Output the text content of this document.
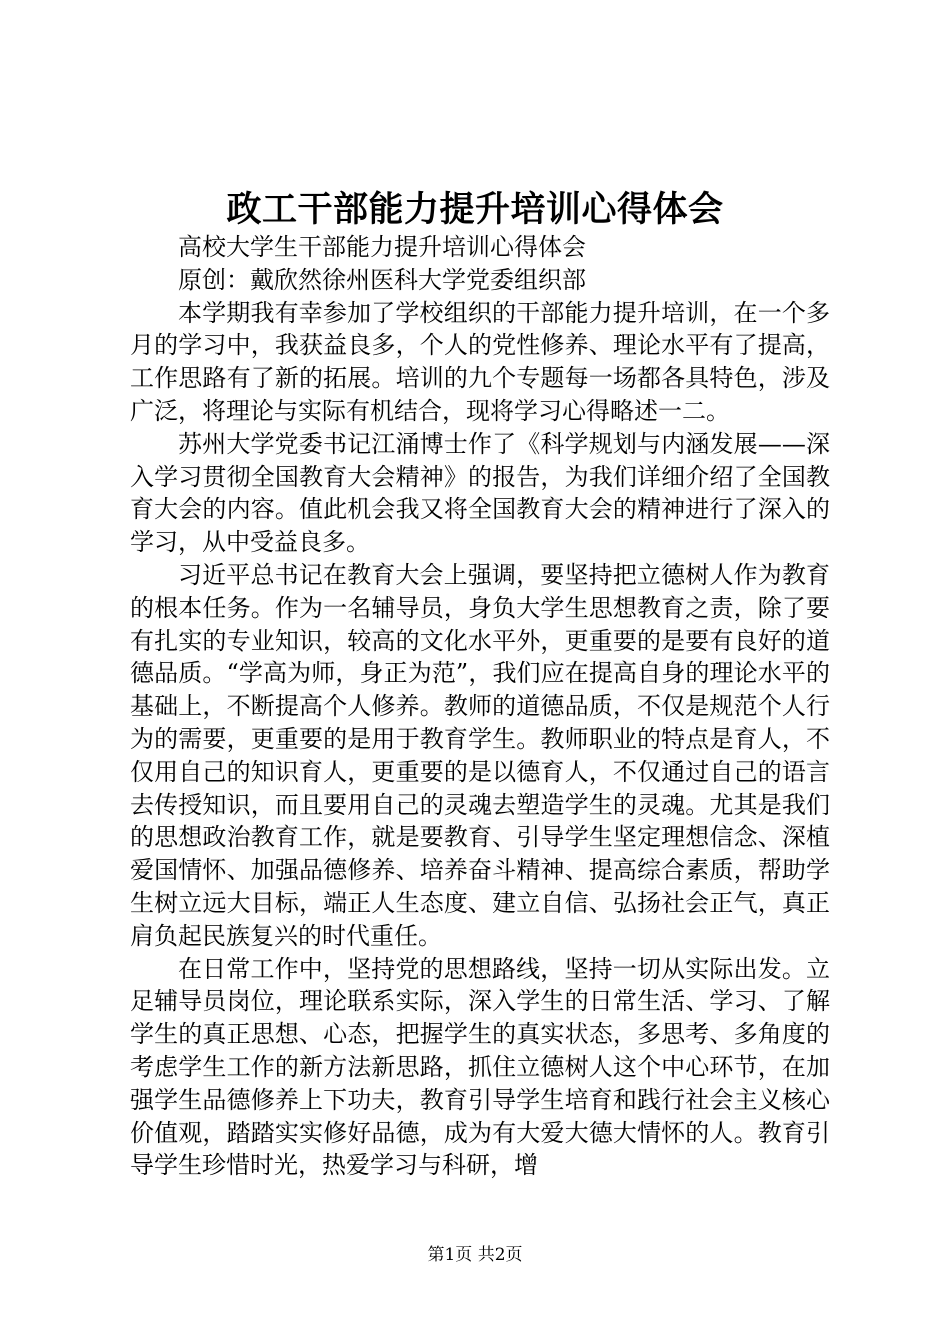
政工干部能力提升培训心得体会

高校大学生干部能力提升培训心得体会

原创：戴欣然徐州医科大学党委组织部

本学期我有幸参加了学校组织的干部能力提升培训，在一个多月的学习中，我获益良多，个人的党性修养、理论水平有了提高，工作思路有了新的拓展。培训的九个专题每一场都各具特色，涉及广泛，将理论与实际有机结合，现将学习心得略述一二。

苏州大学党委书记江涌博士作了《科学规划与内涵发展——深入学习贯彻全国教育大会精神》的报告，为我们详细介绍了全国教育大会的内容。值此机会我又将全国教育大会的精神进行了深入的学习，从中受益良多。

习近平总书记在教育大会上强调，要坚持把立德树人作为教育的根本任务。作为一名辅导员，身负大学生思想教育之责，除了要有扎实的专业知识，较高的文化水平外，更重要的是要有良好的道德品质。“学高为师，身正为范”，我们应在提高自身的理论水平的基础上，不断提高个人修养。教师的道德品质，不仅是规范个人行为的需要，更重要的是用于教育学生。教师职业的特点是育人，不仅用自己的知识育人，更重要的是以德育人，不仅通过自己的语言去传授知识，而且要用自己的灵魂去塑造学生的灵魂。尤其是我们的思想政治教育工作，就是要教育、引导学生坚定理想信念、深植爱国情怀、加强品德修养、培养奋斗精神、提高综合素质，帮助学生树立远大目标，端正人生态度、建立自信、弘扬社会正气，真正肩负起民族复兴的时代重任。

在日常工作中，坚持党的思想路线，坚持一切从实际出发。立足辅导员岗位，理论联系实际，深入学生的日常生活、学习、了解学生的真正思想、心态，把握学生的真实状态，多思考、多角度的考虑学生工作的新方法新思路，抓住立德树人这个中心环节，在加强学生品德修养上下功夫，教育引导学生培育和践行社会主义核心价值观，踏踏实实修好品德，成为有大爱大德大情怀的人。教育引导学生珍惜时光，热爱学习与科研，增

第1页 共2页
